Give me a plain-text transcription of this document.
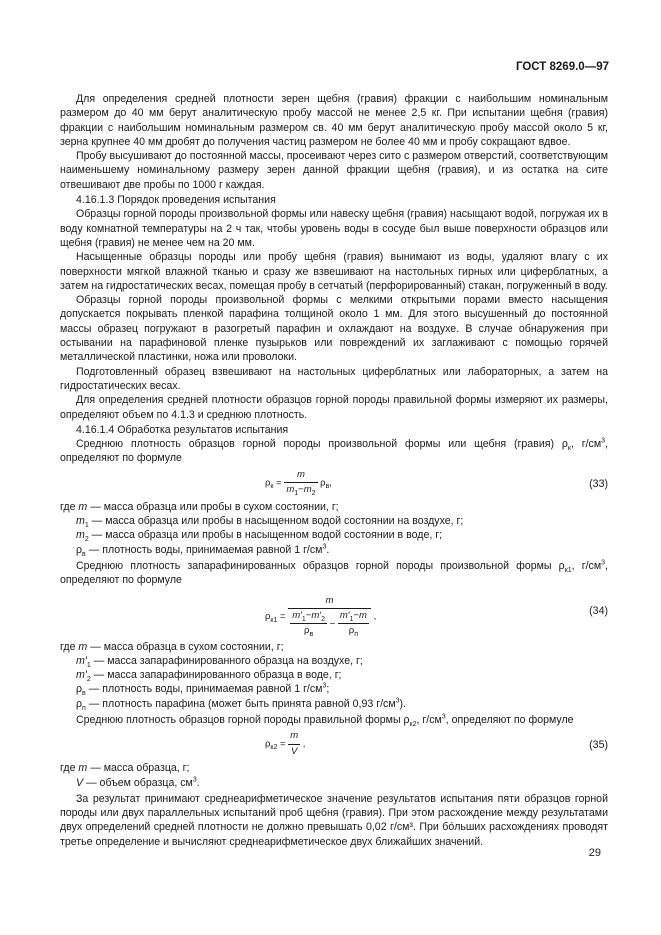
ГОСТ 8269.0—97

Для определения средней плотности зерен щебня (гравия) фракции с наибольшим номинальным размером до 40 мм берут аналитическую пробу массой не менее 2,5 кг. При испытании щебня (гравия) фракции с наибольшим номинальным размером св. 40 мм берут аналитическую пробу массой около 5 кг, зерна крупнее 40 мм дробят до получения частиц размером не более 40 мм и пробу сокращают вдвое.

Пробу высушивают до постоянной массы, просеивают через сито с размером отверстий, соответствующим наименьшему номинальному размеру зерен данной фракции щебня (гравия), и из остатка на сите отвешивают две пробы по 1000 г каждая.

4.16.1.3 Порядок проведения испытания

Образцы горной породы произвольной формы или навеску щебня (гравия) насыщают водой, погружая их в воду комнатной температуры на 2 ч так, чтобы уровень воды в сосуде был выше поверхности образцов или щебня (гравия) не менее чем на 20 мм.

Насыщенные образцы породы или пробу щебня (гравия) вынимают из воды, удаляют влагу с их поверхности мягкой влажной тканью и сразу же взвешивают на настольных гирных или циферблатных, а затем на гидростатических весах, помещая пробу в сетчатый (перфорированный) стакан, погруженный в воду.

Образцы горной породы произвольной формы с мелкими открытыми порами вместо насыщения допускается покрывать пленкой парафина толщиной около 1 мм. Для этого высушенный до постоянной массы образец погружают в разогретый парафин и охлаждают на воздухе. В случае обнаружения при остывании на парафиновой пленке пузырьков или повреждений их заглаживают с помощью горячей металлической пластинки, ножа или проволоки.

Подготовленный образец взвешивают на настольных циферблатных или лабораторных, а затем на гидростатических весах.

Для определения средней плотности образцов горной породы правильной формы измеряют их размеры, определяют объем по 4.1.3 и среднюю плотность.

4.16.1.4 Обработка результатов испытания

Среднюю плотность образцов горной породы произвольной формы или щебня (гравия) $\rho_к$, $г/см^3$, определяют по формуле

$\rho_к = \frac{m}{m_1-m_2} \rho_в$,	(33)
где m — масса образца или пробы в сухом состоянии, г;
$m_1$ — масса образца или пробы в насыщенном водой состоянии на воздухе, г;
$m_2$ — масса образца или пробы в насыщенном водой состоянии в воде, г;
$\rho_в$ — плотность воды, принимаемая равной 1 $г/см^3$.

Среднюю плотность запарафинированных образцов горной породы произвольной формы $\rho_{к1}$, $г/см^3$, определяют по формуле

$\rho_{к1} = \frac{m}{\frac{m'_1-m'_2}{\rho_в} - \frac{m'_1-m}{\rho_п}}$ ,	(34)
где m — масса образца в сухом состоянии, г;
$m'_1$ — масса запарафинированного образца на воздухе, г;
$m'_2$ — масса запарафинированного образца в воде, г;
$\rho_в$ — плотность воды, принимаемая равной 1 $г/см^3$;
$\rho_п$ — плотность парафина (может быть принята равной 0,93 $г/см^3$).

Среднюю плотность образцов горной породы правильной формы $\rho_{к2}$, $г/см^3$, определяют по формуле

$\rho_{к2} = \frac{m}{V}$ ,	(35)
где m — масса образца, г;
V — объем образца, $см^3$.

За результат принимают среднеарифметическое значение результатов испытания пяти образцов горной породы или двух параллельных испытаний проб щебня (гравия). При этом расхождение между результатами двух определений средней плотности не должно превышать 0,02 г/см³. При бо́льших расхождениях проводят третье определение и вычисляют среднеарифметическое двух ближайших значений.

29
